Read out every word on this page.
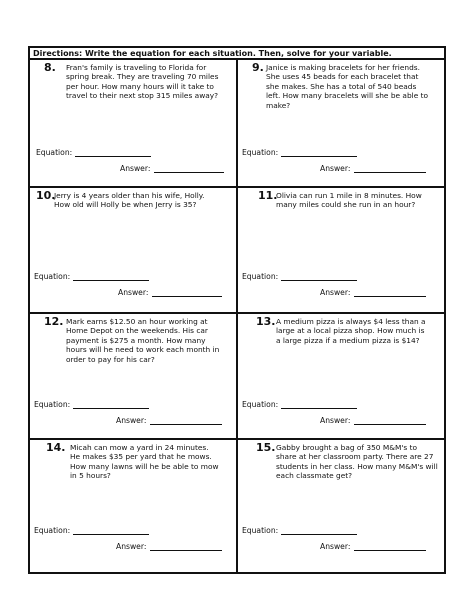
Directions: Write the equation for each situation. Then, solve for your variable.
8. Fran's family is traveling to Florida for
spring break. They are traveling 70 miles
per hour. How many hours will it take to
travel to their next stop 315 miles away?
Equation:
Answer:
9. Janice is making bracelets for her friends.
She uses 45 beads for each bracelet that
she makes. She has a total of 540 beads
left. How many bracelets will she be able to
make?
Equation:
Answer:
10.
Jerry is 4 years older than his wife, Holly.
How old will Holly be when Jerry is 35?
Equation:
Answer:
11.
Olivia can run 1 mile in 8 minutes. How
many miles could she run in an hour?
Equation:
Answer:
12. Mark earns $12.50 an hour working at
Home Depot on the weekends. His car
payment is $275 a month. How many
hours will he need to work each month in
order to pay for his car?
Equation:
Answer:
13. A medium pizza is always $4 less than a
large at a local pizza shop. How much is
a large pizza if a medium pizza is $14?
Equation:
Answer:
14. Micah can mow a yard in 24 minutes.
He makes $35 per yard that he mows.
How many lawns will he be able to mow
in 5 hours?
Equation:
Answer:
15. Gabby brought a bag of 350 M&M's to
share at her classroom party. There are 27
students in her class. How many M&M's will
each classmate get?
Equation:
Answer:
